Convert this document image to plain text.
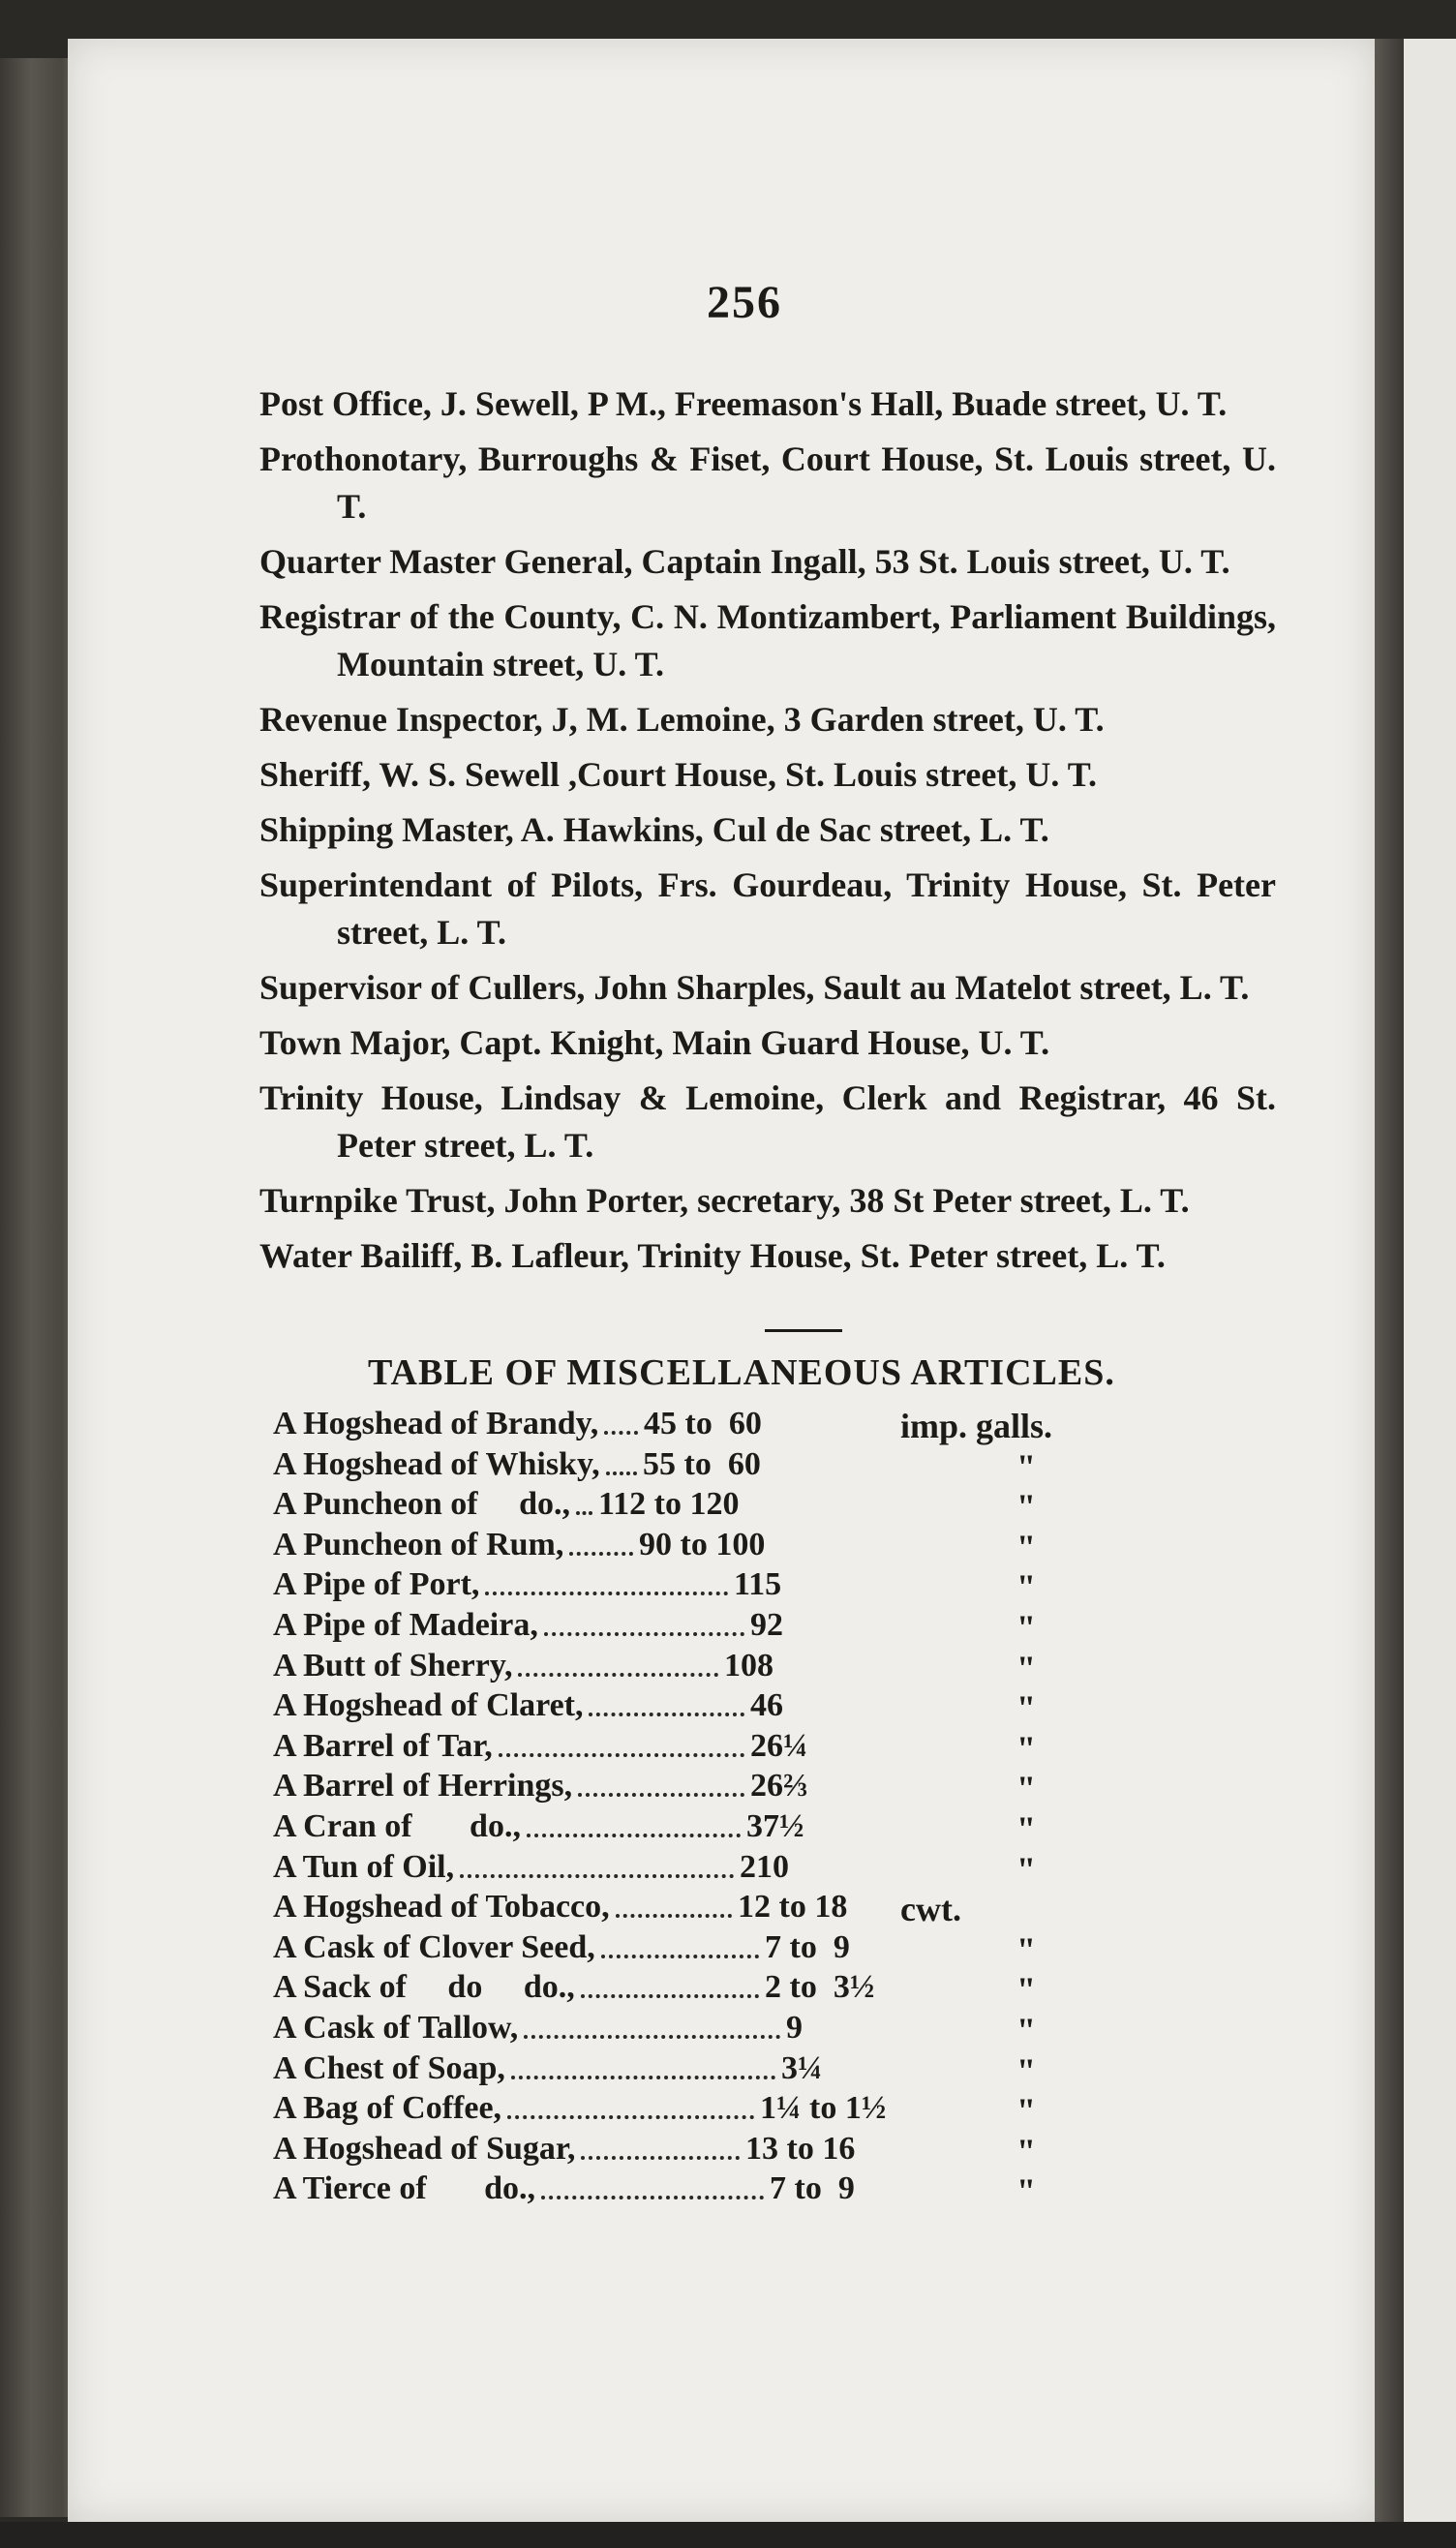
256
Post Office, J. Sewell, P M., Freemason's Hall, Buade street, U. T.
Prothonotary, Burroughs & Fiset, Court House, St. Louis street, U. T.
Quarter Master General, Captain Ingall, 53 St. Louis street, U. T.
Registrar of the County, C. N. Montizambert, Parliament Buildings, Mountain street, U. T.
Revenue Inspector, J, M. Lemoine, 3 Garden street, U. T.
Sheriff, W. S. Sewell ,Court House, St. Louis street, U. T.
Shipping Master, A. Hawkins, Cul de Sac street, L. T.
Superintendant of Pilots, Frs. Gourdeau, Trinity House, St. Peter street, L. T.
Supervisor of Cullers, John Sharples, Sault au Matelot street, L. T.
Town Major, Capt. Knight, Main Guard House, U. T.
Trinity House, Lindsay & Lemoine, Clerk and Registrar, 46 St. Peter street, L. T.
Turnpike Trust, John Porter, secretary, 38 St Peter street, L. T.
Water Bailiff, B. Lafleur, Trinity House, St. Peter street, L. T.
TABLE OF MISCELLANEOUS ARTICLES.
A Hogshead of Brandy, 45 to  60	imp. galls.
A Hogshead of Whisky, 55 to  60	"
A Puncheon of     do., 112 to 120	"
A Puncheon of Rum, 90 to 100	"
A Pipe of Port,	115	"
A Pipe of Madeira,	92	"
A Butt of Sherry,	108	"
A Hogshead of Claret,	46	"
A Barrel of Tar,	26¼	"
A Barrel of Herrings,	26⅔	"
A Cran of       do.,	37½	"
A Tun of Oil,	210	"
A Hogshead of Tobacco,	12 to 18 cwt.
A Cask of Clover Seed,	7 to  9	"
A Sack of     do     do.,	2 to  3½	"
A Cask of Tallow,	9	"
A Chest of Soap,	3¼	"
A Bag of Coffee,	1¼ to 1½	"
A Hogshead of Sugar,	13 to 16	"
A Tierce of       do.,	7 to  9	"
